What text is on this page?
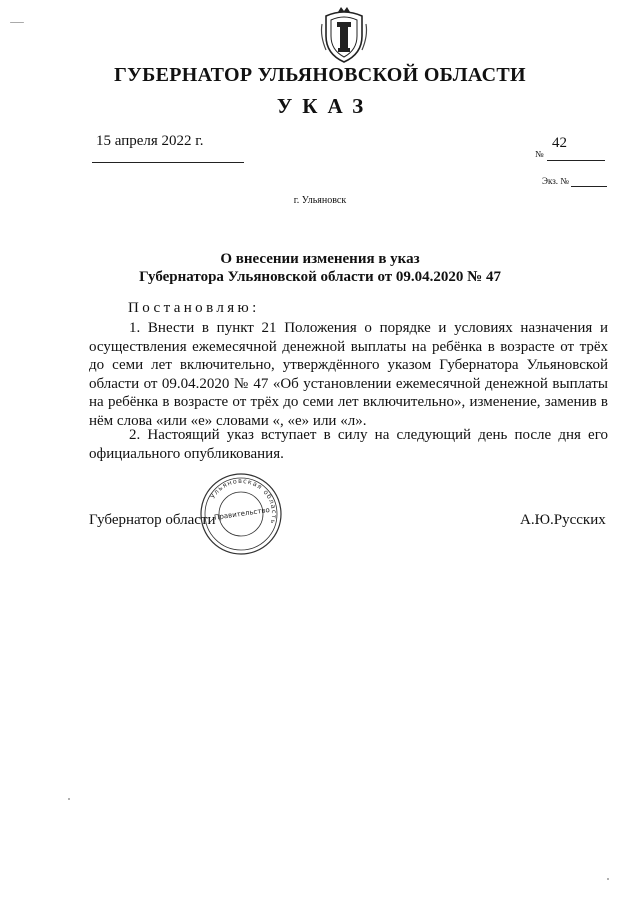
ГУБЕРНАТОР УЛЬЯНОВСКОЙ ОБЛАСТИ
УКАЗ
15 апреля 2022 г.	42
№
Экз. №
г. Ульяновск
О внесении изменения в указ
Губернатора Ульяновской области от 09.04.2020 № 47
Постановляю:
1. Внести в пункт 21 Положения о порядке и условиях назначения и осуществления ежемесячной денежной выплаты на ребёнка в возрасте от трёх до семи лет включительно, утверждённого указом Губернатора Ульяновской области от 09.04.2020 № 47 «Об установлении ежемесячной денежной выплаты на ребёнка в возрасте от трёх до семи лет включительно», изменение, заменив в нём слова «или «е» словами «, «е» или «л».
2. Настоящий указ вступает в силу на следующий день после дня его официального опубликования.
Губернатор области	А.Ю.Русских
Ульяновская область
Правительство
